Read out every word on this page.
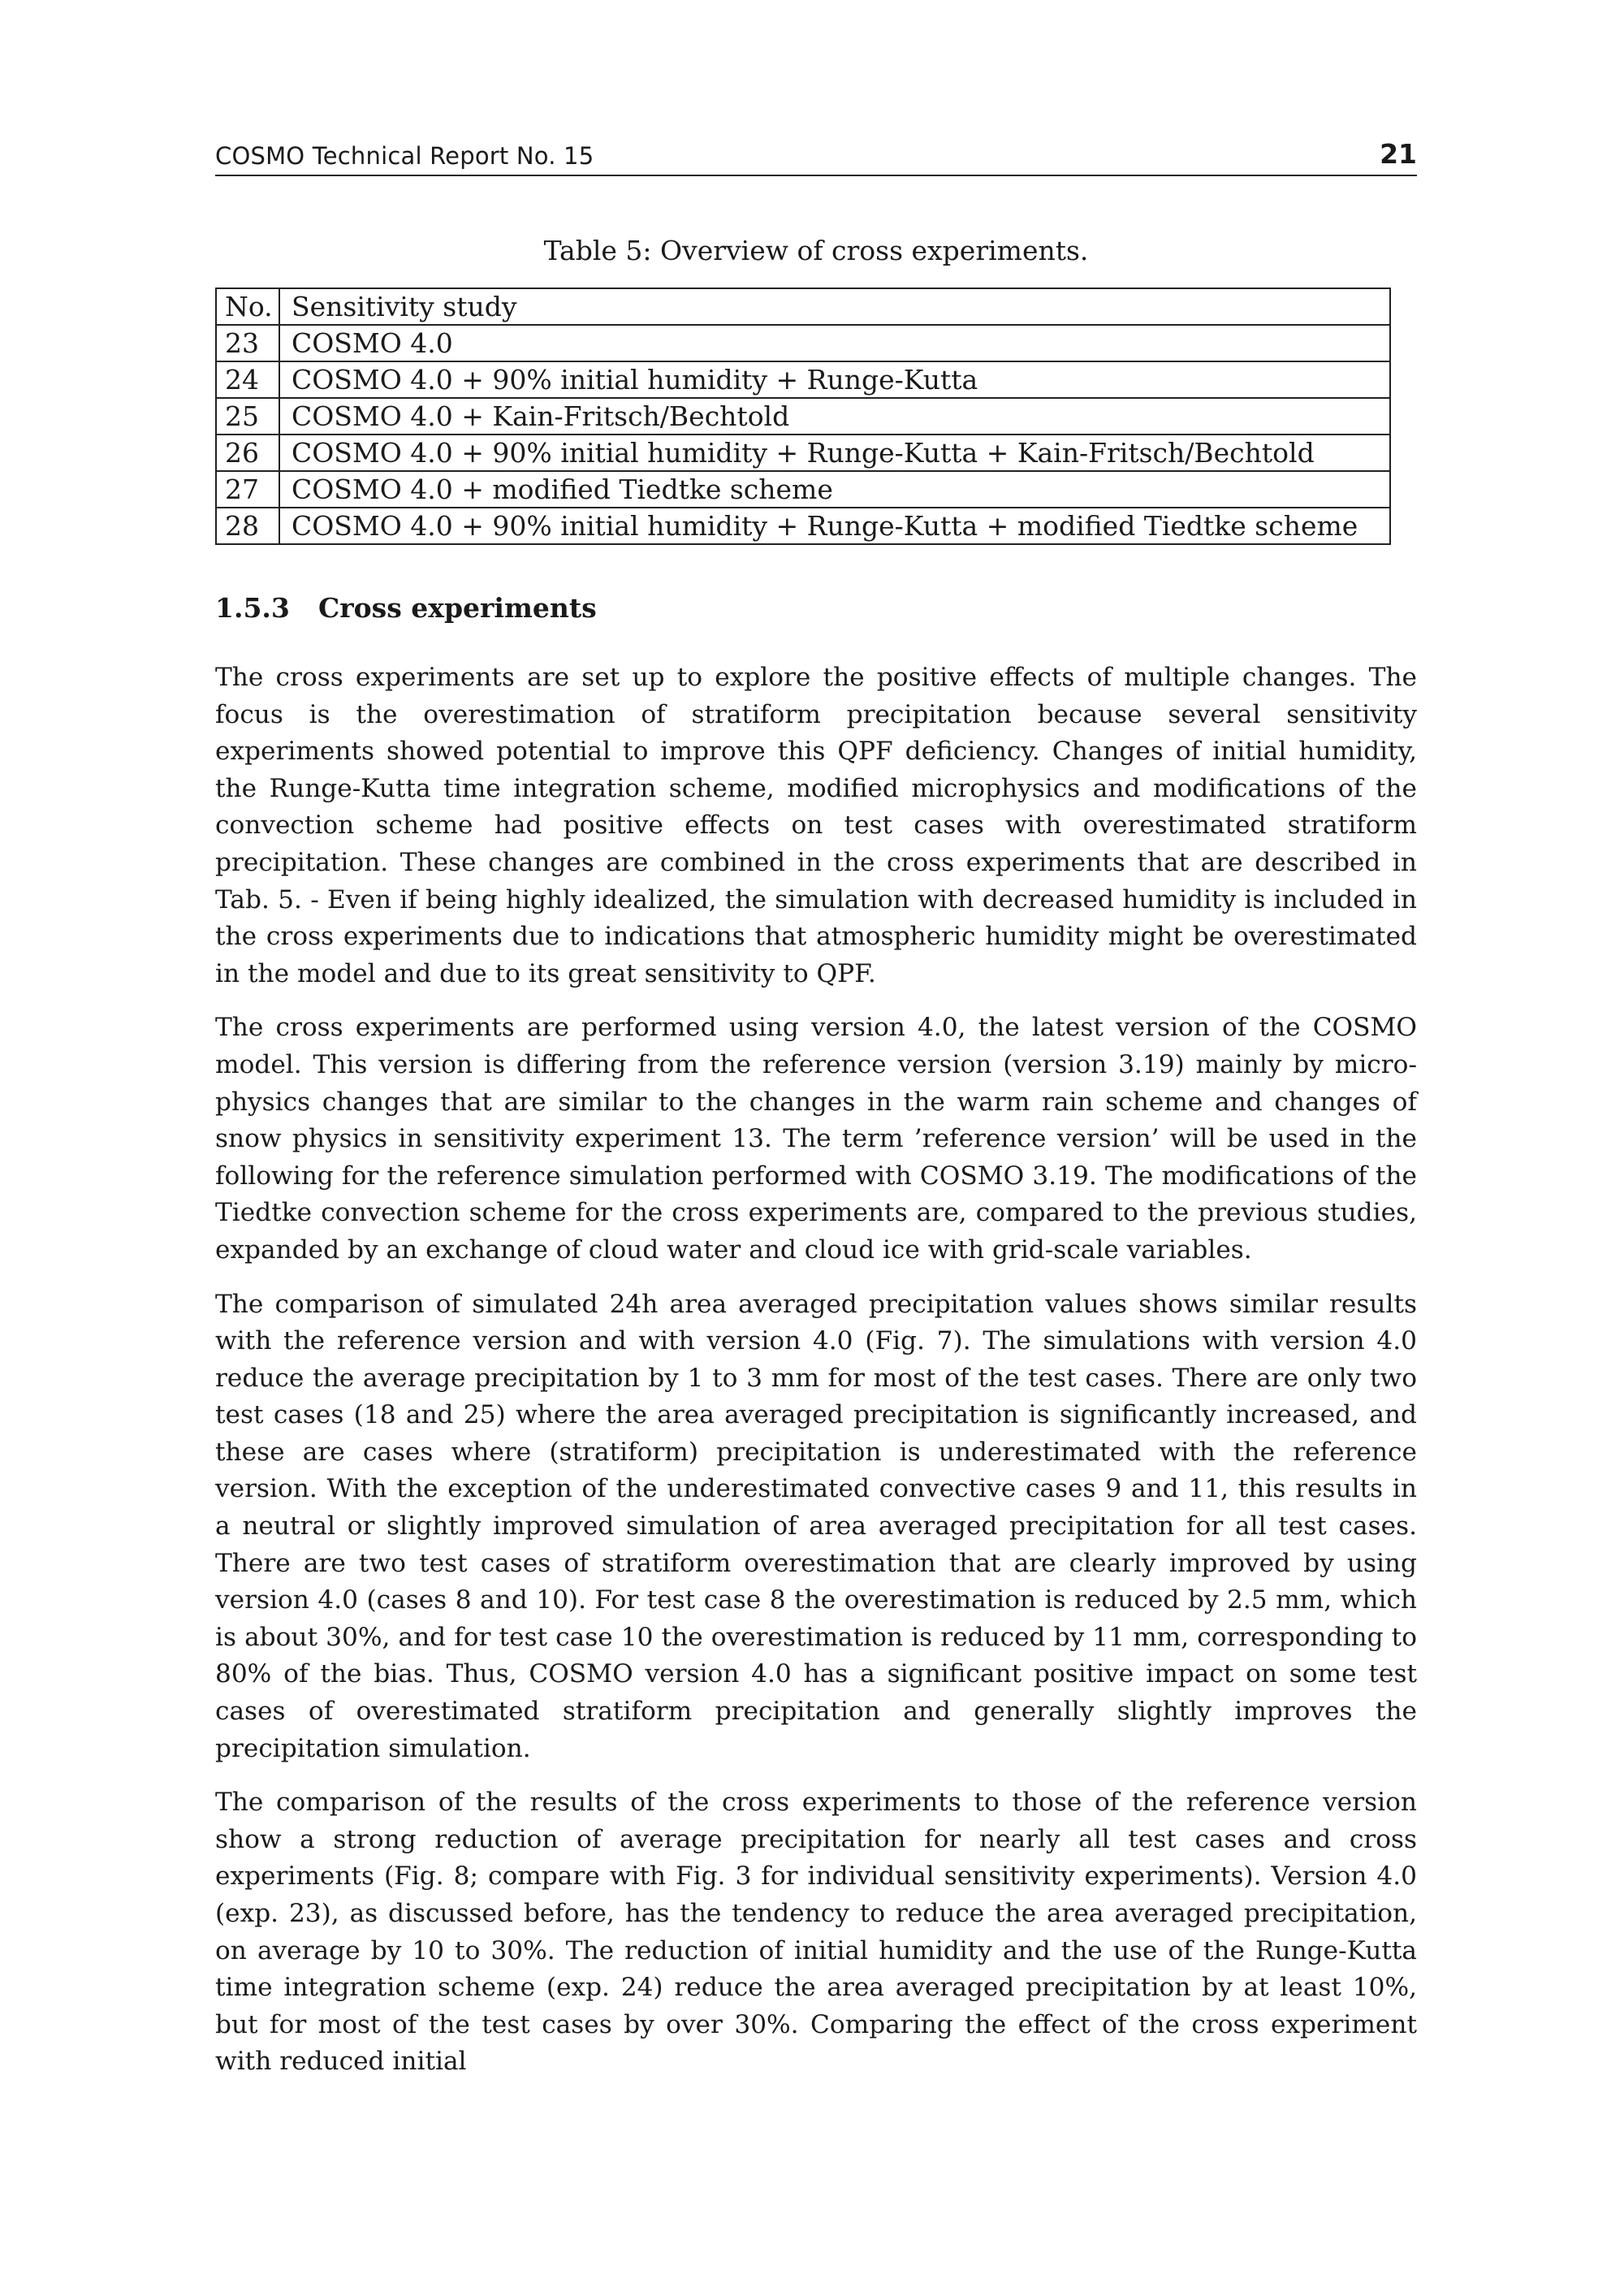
COSMO Technical Report No. 15	21
Table 5: Overview of cross experiments.
No.	Sensitivity study
23	COSMO 4.0
24	COSMO 4.0 + 90% initial humidity + Runge-Kutta
25	COSMO 4.0 + Kain-Fritsch/Bechtold
26	COSMO 4.0 + 90% initial humidity + Runge-Kutta + Kain-Fritsch/Bechtold
27	COSMO 4.0 + modified Tiedtke scheme
28	COSMO 4.0 + 90% initial humidity + Runge-Kutta + modified Tiedtke scheme
1.5.3	Cross experiments

The cross experiments are set up to explore the positive effects of multiple changes. The focus is the overestimation of stratiform precipitation because several sensitivity experiments showed potential to improve this QPF deficiency. Changes of initial humidity, the Runge-Kutta time integration scheme, modified microphysics and modifications of the convection scheme had positive effects on test cases with overestimated stratiform precipitation. These changes are combined in the cross experiments that are described in Tab. 5. - Even if being highly idealized, the simulation with decreased humidity is included in the cross experiments due to indications that atmospheric humidity might be overestimated in the model and due to its great sensitivity to QPF.

The cross experiments are performed using version 4.0, the latest version of the COSMO model. This version is differing from the reference version (version 3.19) mainly by microphysics changes that are similar to the changes in the warm rain scheme and changes of snow physics in sensitivity experiment 13. The term ’reference version’ will be used in the following for the reference simulation performed with COSMO 3.19. The modifications of the Tiedtke convection scheme for the cross experiments are, compared to the previous studies, expanded by an exchange of cloud water and cloud ice with grid-scale variables.

The comparison of simulated 24h area averaged precipitation values shows similar results with the reference version and with version 4.0 (Fig. 7). The simulations with version 4.0 reduce the average precipitation by 1 to 3 mm for most of the test cases. There are only two test cases (18 and 25) where the area averaged precipitation is significantly increased, and these are cases where (stratiform) precipitation is underestimated with the reference version. With the exception of the underestimated convective cases 9 and 11, this results in a neutral or slightly improved simulation of area averaged precipitation for all test cases. There are two test cases of stratiform overestimation that are clearly improved by using version 4.0 (cases 8 and 10). For test case 8 the overestimation is reduced by 2.5 mm, which is about 30%, and for test case 10 the overestimation is reduced by 11 mm, corresponding to 80% of the bias. Thus, COSMO version 4.0 has a significant positive impact on some test cases of overestimated stratiform precipitation and generally slightly improves the precipitation simulation.

The comparison of the results of the cross experiments to those of the reference version show a strong reduction of average precipitation for nearly all test cases and cross experiments (Fig. 8; compare with Fig. 3 for individual sensitivity experiments). Version 4.0 (exp. 23), as discussed before, has the tendency to reduce the area averaged precipitation, on average by 10 to 30%. The reduction of initial humidity and the use of the Runge-Kutta time integration scheme (exp. 24) reduce the area averaged precipitation by at least 10%, but for most of the test cases by over 30%. Comparing the effect of the cross experiment with reduced initial
